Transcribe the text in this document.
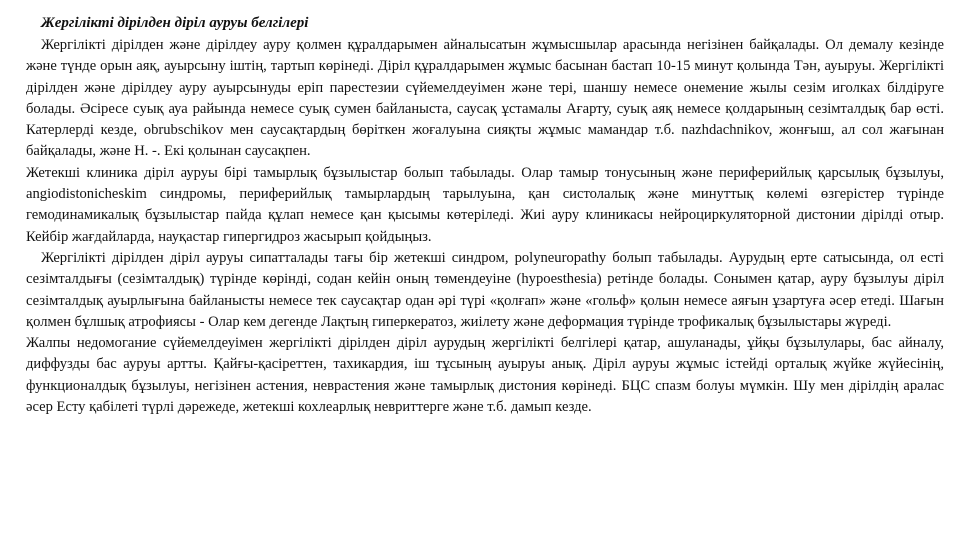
Жергілікті дірілден діріл ауруы белгілері

Жергілікті дірілден және дірілдеу ауру қолмен құралдарымен айналысатын жұмысшылар арасында негізінен байқалады. Ол демалу кезінде және түнде орын аяқ, ауырсыну іштің, тартып көрінеді. Діріл құралдарымен жұмыс басынан бастап 10-15 минут қолында Тән, ауыруы. Жергілікті дірілден және дірілдеу ауру ауырсынуды еріп парестезии сүйемелдеуімен және тері, шаншу немесе онемение жылы сезім иголках білдіруге болады. Әсіресе суық ауа райында немесе суық сумен байланыста, саусақ ұстамалы Ағарту, суық аяқ немесе қолдарының сезімталдық бар өсті. Катерлерді кезде, obrubschikov мен саусақтардың бөріткен жоғалуына сияқты жұмыс мамандар т.б. nazhdachnikov, жонғыш, ал сол жағынан байқалады, және Н. -. Екі қолынан саусақпен.

Жетекші клиника діріл ауруы бірі тамырлық бұзылыстар болып табылады. Олар тамыр тонусының және периферийлық қарсылық бұзылуы, angiodistonicheskim синдромы, периферийлық тамырлардың тарылуына, қан систолалық және минуттық көлемі өзгерістер түрінде гемодинамикалық бұзылыстар пайда құлап немесе қан қысымы көтеріледі. Жиі ауру клиникасы нейроциркуляторной дистонии дірілді отыр. Кейбір жағдайларда, науқастар гипергидроз жасырып қойдыңыз.

Жергілікті дірілден діріл ауруы сипатталады тағы бір жетекші синдром, polyneuropathy болып табылады. Аурудың ерте сатысында, ол есті сезімталдығы (сезімталдық) түрінде көрінді, содан кейін оның төмендеуіне (hypoesthesia) ретінде болады. Сонымен қатар, ауру бұзылуы діріл сезімталдық ауырлығына байланысты немесе тек саусақтар одан әрі түрі «қолғап» және «гольф» қолын немесе аяғын ұзартуға әсер етеді. Шағын қолмен бұлшық атрофиясы - Олар кем дегенде Лақтың гиперкератоз, жиілету және деформация түрінде трофикалық бұзылыстары жүреді.

Жалпы недомогание сүйемелдеуімен жергілікті дірілден діріл аурудың жергілікті белгілері қатар, ашуланады, ұйқы бұзылулары, бас айналу, диффузды бас ауруы артты. Қайғы-қасіреттен, тахикардия, іш тұсының ауыруы анық. Діріл ауруы жұмыс істейді орталық жүйке жүйесінің, функционалдық бұзылуы, негізінен астения, неврастения және тамырлық дистония көрінеді. БЦС спазм болуы мүмкін. Шу мен дірілдің аралас әсер Есту қабілеті түрлі дәрежеде, жетекші кохлеарлық невриттерге және т.б. дамып кезде.
